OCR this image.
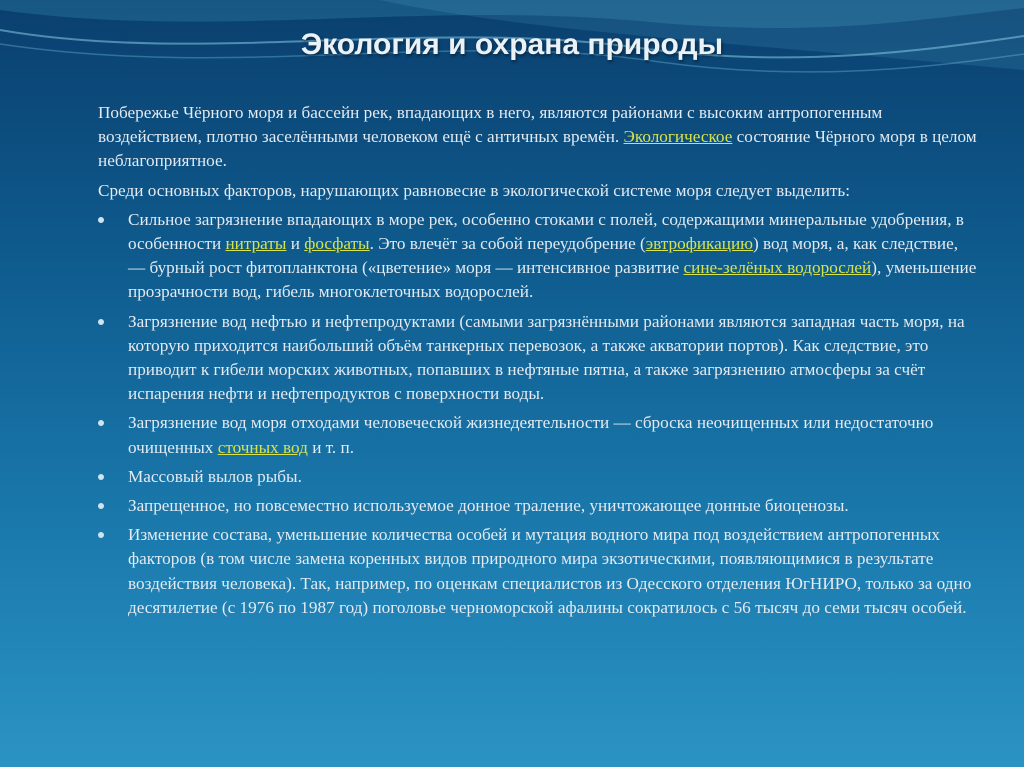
Экология и охрана природы

Побережье Чёрного моря и бассейн рек, впадающих в него, являются районами с высоким антропогенным воздействием, плотно заселёнными человеком ещё с античных времён. Экологическое состояние Чёрного моря в целом неблагоприятное.

Среди основных факторов, нарушающих равновесие в экологической системе моря следует выделить:

Сильное загрязнение впадающих в море рек, особенно стоками с полей, содержащими минеральные удобрения, в особенности нитраты и фосфаты. Это влечёт за собой переудобрение (эвтрофикацию) вод моря, а, как следствие, — бурный рост фитопланктона («цветение» моря — интенсивное развитие сине-зелёных водорослей), уменьшение прозрачности вод, гибель многоклеточных водорослей.
Загрязнение вод нефтью и нефтепродуктами (самыми загрязнёнными районами являются западная часть моря, на которую приходится наибольший объём танкерных перевозок, а также акватории портов). Как следствие, это приводит к гибели морских животных, попавших в нефтяные пятна, а также загрязнению атмосферы за счёт испарения нефти и нефтепродуктов с поверхности воды.
Загрязнение вод моря отходами человеческой жизнедеятельности — сброска неочищенных или недостаточно очищенных сточных вод и т. п.
Массовый вылов рыбы.
Запрещенное, но повсеместно используемое донное траление, уничтожающее донные биоценозы.
Изменение состава, уменьшение количества особей и мутация водного мира под воздействием антропогенных факторов (в том числе замена коренных видов природного мира экзотическими, появляющимися в результате воздействия человека). Так, например, по оценкам специалистов из Одесского отделения ЮгНИРО, только за одно десятилетие (с 1976 по 1987 год) поголовье черноморской афалины сократилось с 56 тысяч до семи тысяч особей.
